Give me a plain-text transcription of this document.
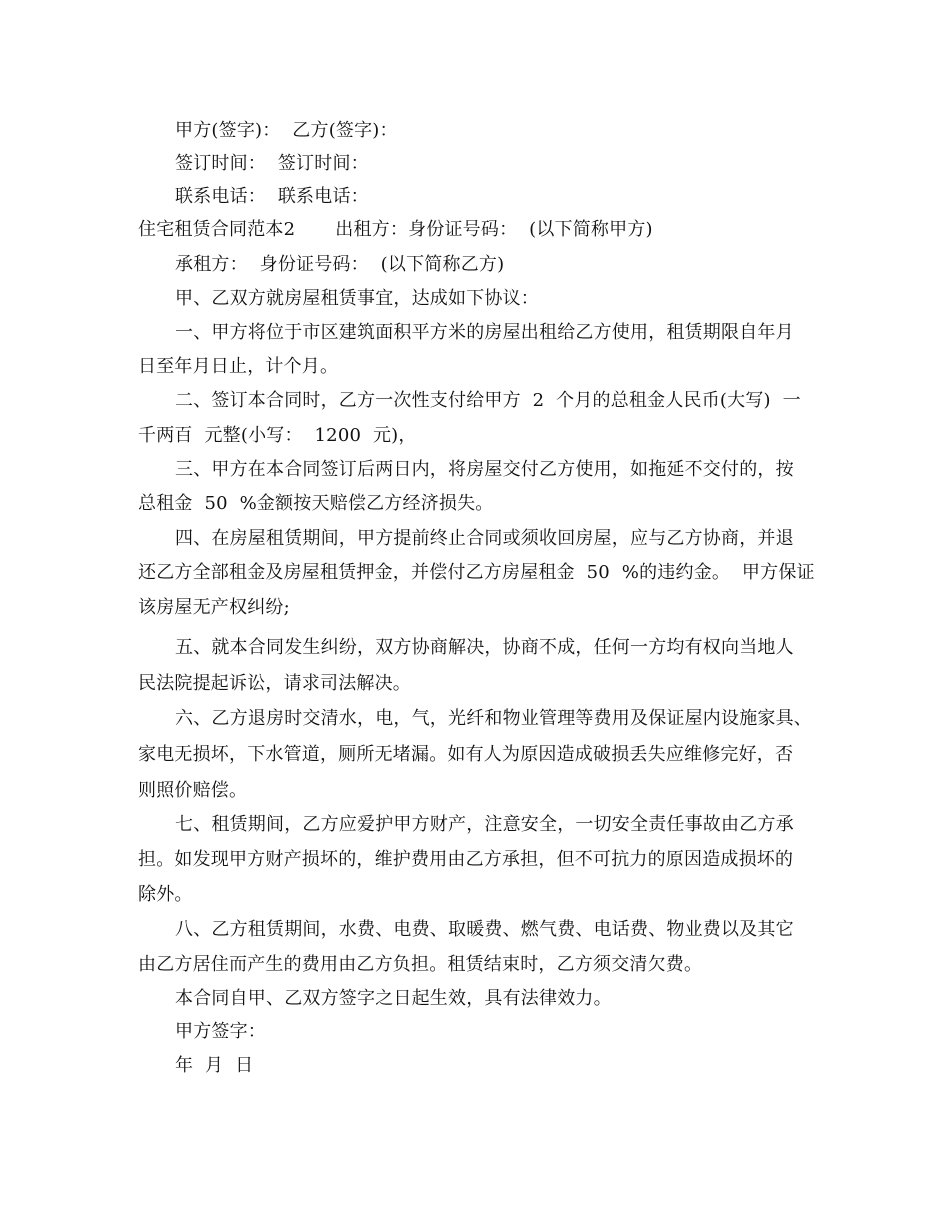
甲方(签字)：  乙方(签字)：
签订时间：  签订时间：
联系电话：  联系电话：
住宅租赁合同范本2 出租方：身份证号码：  (以下简称甲方)
承租方：  身份证号码：  (以下简称乙方)
甲、乙双方就房屋租赁事宜，达成如下协议：
一、甲方将位于市区建筑面积平方米的房屋出租给乙方使用，租赁期限自年月
日至年月日止，计个月。
二、签订本合同时，乙方一次性支付给甲方  2  个月的总租金人民币(大写)  一
千两百  元整(小写：  1200  元)，
三、甲方在本合同签订后两日内，将房屋交付乙方使用，如拖延不交付的，按
总租金  50  %金额按天赔偿乙方经济损失。
四、在房屋租赁期间，甲方提前终止合同或须收回房屋，应与乙方协商，并退
还乙方全部租金及房屋租赁押金，并偿付乙方房屋租金  50  %的违约金。  甲方保证
该房屋无产权纠纷;
五、就本合同发生纠纷，双方协商解决，协商不成，任何一方均有权向当地人
民法院提起诉讼，请求司法解决。
六、乙方退房时交清水，电，气，光纤和物业管理等费用及保证屋内设施家具、
家电无损坏，下水管道，厕所无堵漏。如有人为原因造成破损丢失应维修完好，否
则照价赔偿。
七、租赁期间，乙方应爱护甲方财产，注意安全，一切安全责任事故由乙方承
担。如发现甲方财产损坏的，维护费用由乙方承担，但不可抗力的原因造成损坏的
除外。
八、乙方租赁期间，水费、电费、取暖费、燃气费、电话费、物业费以及其它
由乙方居住而产生的费用由乙方负担。租赁结束时，乙方须交清欠费。
本合同自甲、乙双方签字之日起生效，具有法律效力。
甲方签字：
年  月  日
